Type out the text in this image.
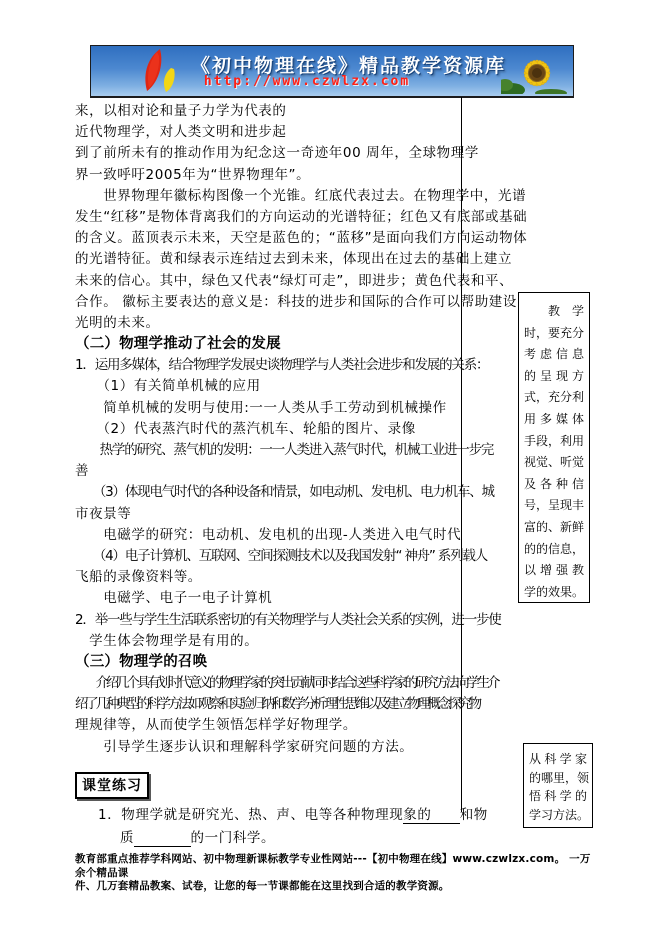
《初中物理在线》精品教学资源库
http://www.czwlzx.com
来，以相对论和量子力学为代表的
近代物理学，对人类文明和进步起
到了前所未有的推动作用为纪念这一奇迹年00 周年，全球物理学
界一致呼吁2005年为“世界物理年”。
　　世界物理年徽标构图像一个光锥。红底代表过去。在物理学中，光谱
发生“红移”是物体背离我们的方向运动的光谱特征；红色又有底部或基础
的含义。蓝顶表示未来，天空是蓝色的；“蓝移”是面向我们方向运动物体
的光谱特征。黄和绿表示连结过去到未来，体现出在过去的基础上建立
未来的信心。其中，绿色又代表“绿灯可走”，即进步；黄色代表和平、
合作。 徽标主要表达的意义是：科技的进步和国际的合作可以帮助建设
光明的未来。
（二）物理学推动了社会的发展
1．运用多媒体，结合物理学发展史谈物理学与人类社会进步和发展的关系：
　　（1）有关简单机械的应用
　　简单机械的发明与使用:一一人类从手工劳动到机械操作
　　（2）代表蒸汽时代的蒸汽机车、轮船的图片、录像
　　热学的研究、蒸气机的发明：一一人类进入蒸气时代，机械工业进一步完
善
　　（3）体现电气时代的各种设备和情景，如电动机、发电机、电力机车、城
市夜景等
　　电磁学的研究：电动机、发电机的出现-人类进入电气时代
　　（4）电子计算机、互联网、空间探测技术以及我国发射“ 神舟” 系列载人
飞船的录像资料等。
　　电磁学、电子一电子计算机
2．举一些与学生生活联系密切的有关物理学与人类社会关系的实例，进一步使
　学生体会物理学是有用的。
（三）物理学的召唤
　　介绍几个具有划时代意义的物理学家的突出贡献同时结合这些科学家的研究方法向学生介
绍了几种典型的科学方法如观察和实验 归纳和数学分析 理性思维以及建立物理概念探究物
理规律等，从而使学生领悟怎样学好物理学。
　　引导学生逐步认识和理解科学家研究问题的方法。
　教学
时，要充分
考虑信息
的呈现方
式，充分利
用多媒体
手段，利用
视觉、听觉
及各种信
号，呈现丰
富的、新鲜
的的信息，
以增强教
学的效果。
从科学家
的哪里，领
悟科学的
学习方法。
课堂练习
1．物理学就是研究光、热、声、电等各种物理现象的　　和物
质　　　　	的一门科学。
教育部重点推荐学科网站、初中物理新课标教学专业性网站---【初中物理在线】www.czwlzx.com。 一万余个精品课
件、几万套精品教案、试卷，让您的每一节课都能在这里找到合适的教学资源。
